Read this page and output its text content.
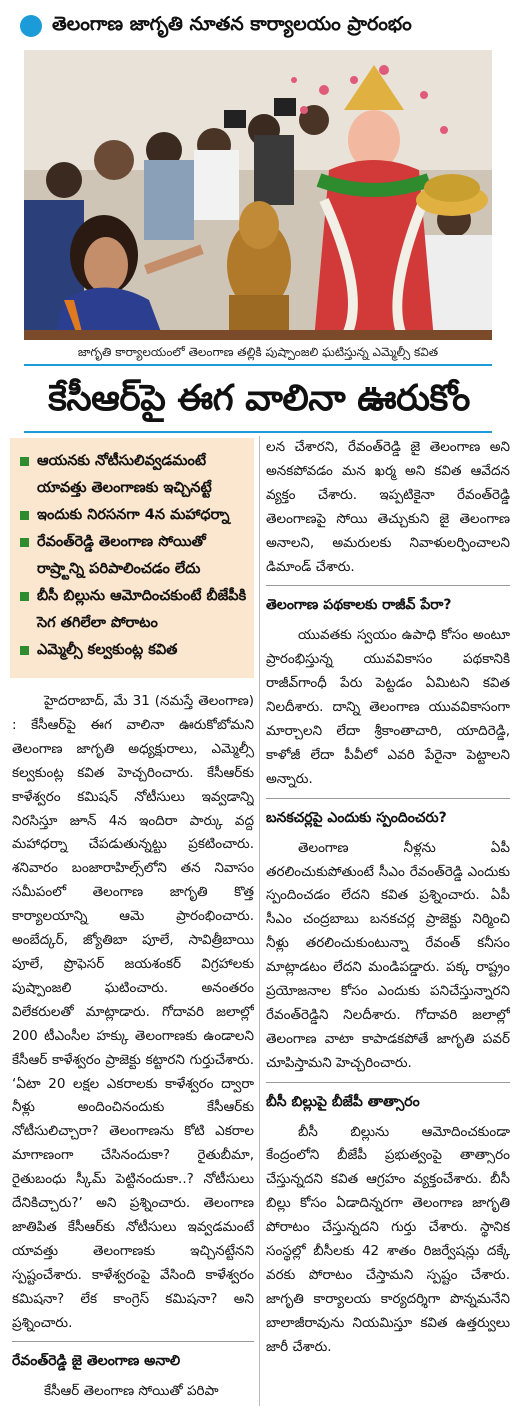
తెలంగాణ జాగృతి నూతన కార్యాలయం ప్రారంభం
జాగృతి కార్యాలయంలో తెలంగాణ తల్లికి పుష్పాంజలి ఘటిస్తున్న ఎమ్మెల్సీ కవిత
కేసీఆర్‌పై ఈగ వాలినా ఊరుకోం
ఆయనకు నోటీసులివ్వడమంటే యావత్తు తెలంగాణకు ఇచ్చినట్టే
ఇందుకు నిరసనగా 4న మహాధర్నా
రేవంత్‌రెడ్డి తెలంగాణ సోయితో రాష్ర్టాన్ని పరిపాలించడం లేదు
బీసీ బిల్లును ఆమోదించకుంటే బీజేపీకి సెగ తగిలేలా పోరాటం
ఎమ్మెల్సీ కల్వకుంట్ల కవిత

హైదరాబాద్, మే 31 (నమస్తే తెలంగాణ) : కేసీఆర్‌పై ఈగ వాలినా ఊరుకోబోమని తెలంగాణ జాగృతి అధ్యక్షురాలు, ఎమ్మెల్సీ కల్వకుంట్ల కవిత హెచ్చరించారు. కేసీఆర్‌కు కాళేశ్వరం కమిషన్ నోటీసులు ఇవ్వడాన్ని నిరసిస్తూ జూన్ 4న ఇందిరా పార్కు వద్ద మహాధర్నా చేపడుతున్నట్టు ప్రకటించారు. శనివారం బంజారాహిల్స్‌లోని తన నివాసం సమీపంలో తెలంగాణ జాగృతి కొత్త కార్యాలయాన్ని ఆమె ప్రారంభించారు. అంబేద్కర్, జ్యోతిబా పూలే, సావిత్రీబాయి పూలే, ప్రొఫెసర్ జయశంకర్ విగ్రహాలకు పుష్పాంజలి ఘటించారు. అనంతరం విలేకరులతో మాట్లాడారు. గోదావరి జలాల్లో 200 టీఎంసీల హక్కు తెలంగాణకు ఉండాలని కేసీఆర్ కాళేశ్వరం ప్రాజెక్టు కట్టారని గుర్తుచేశారు. ‘ఏటా 20 లక్షల ఎకరాలకు కాళేశ్వరం ద్వారా నీళ్లు అందించినందుకు కేసీఆర్‌కు నోటీసులిచ్చారా? తెలంగాణను కోటి ఎకరాల మాగాణంగా చేసినందుకా? రైతుబీమా, రైతుబంధు స్కీమ్ పెట్టినందుకా..? నోటీసులు దేనికిచ్చారు?’ అని ప్రశ్నించారు. తెలంగాణ జాతిపిత కేసీఆర్‌కు నోటీసులు ఇవ్వడమంటే యావత్తు తెలంగాణకు ఇచ్చినట్టేనని స్పష్టంచేశారు. కాళేశ్వరంపై వేసింది కాళేశ్వరం కమిషనా? లేక కాంగ్రెస్ కమిషనా? అని ప్రశ్నించారు.

రేవంత్‌రెడ్డి జై తెలంగాణ అనాలి

కేసీఆర్ తెలంగాణ సోయితో పరిపా

లన చేశారని, రేవంత్‌రెడ్డి జై తెలంగాణ అని అనకపోవడం మన ఖర్మ అని కవిత ఆవేదన వ్యక్తం చేశారు. ఇప్పటికైనా రేవంత్‌రెడ్డి తెలంగాణపై సోయి తెచ్చుకుని జై తెలంగాణ అనాలని, అమరులకు నివాళులర్పించాలని డిమాండ్ చేశారు.

తెలంగాణ పథకాలకు రాజీవ్ పేరా?

యువతకు స్వయం ఉపాధి కోసం అంటూ ప్రారంభిస్తున్న యువవికాసం పథకానికి రాజీవ్‌గాంధీ పేరు పెట్టడం ఏమిటని కవిత నిలదీశారు. దాన్ని తెలంగాణ యువవికాసంగా మార్చాలని లేదా శ్రీకాంతాచారి, యాదిరెడ్డి, కాళోజీ లేదా పీవీలో ఎవరి పేరైనా పెట్టాలని అన్నారు.

బనకచర్లపై ఎందుకు స్పందించరు?

తెలంగాణ నీళ్లను ఏపీ తరలించుకుపోతుంటే సీఎం రేవంత్‌రెడ్డి ఎందుకు స్పందించడం లేదని కవిత ప్రశ్నించారు. ఏపీ సీఎం చంద్రబాబు బనకచర్ల ప్రాజెక్టు నిర్మించి నీళ్లు తరలించుకుంటున్నా రేవంత్ కనీసం మాట్లాడటం లేదని మండిపడ్డారు. పక్క రాష్ట్రం ప్రయోజనాల కోసం ఎందుకు పనిచేస్తున్నారని రేవంత్‌రెడ్డిని నిలదీశారు. గోదావరి జలాల్లో తెలంగాణ వాటా కాపాడకపోతే జాగృతి పవర్ చూపిస్తామని హెచ్చరించారు.

బీసీ బిల్లుపై బీజేపీ తాత్సారం

బీసీ బిల్లును ఆమోదించకుండా కేంద్రంలోని బీజేపీ ప్రభుత్వంపై తాత్సారం చేస్తున్నదని కవిత ఆగ్రహం వ్యక్తంచేశారు. బీసీ బిల్లు కోసం ఏడాదిన్నరగా తెలంగాణ జాగృతి పోరాటం చేస్తున్నదని గుర్తు చేశారు. స్థానిక సంస్థల్లో బీసీలకు 42 శాతం రిజర్వేషన్లు దక్కే వరకు పోరాటం చేస్తామని స్పష్టం చేశారు. జాగృతి కార్యాలయ కార్యదర్శిగా పొన్నమనేని బాలాజీరావును నియమిస్తూ కవిత ఉత్తర్వులు జారీ చేశారు.
